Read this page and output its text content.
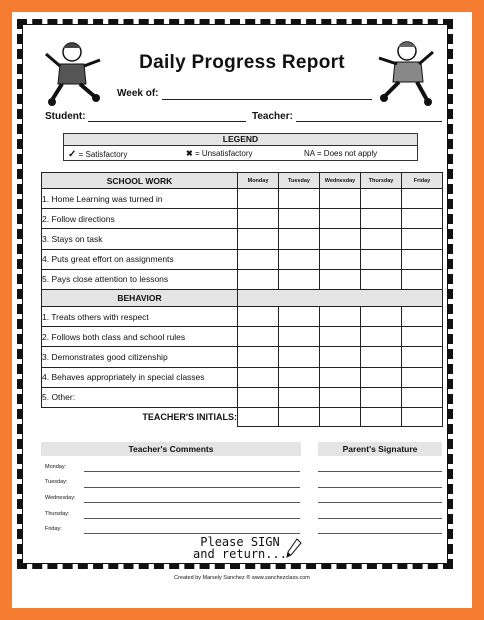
Daily Progress Report
Week of:
Student:	Teacher:
LEGEND
✓ = Satisfactory	✖ = Unsatisfactory	NA = Does not apply
SCHOOL WORK	Monday	Tuesday	Wednesday	Thursday	Friday
1. Home Learning was turned in					
2. Follow directions					
3. Stays on task					
4. Puts great effort on assignments					
5. Pays close attention to lessons					
BEHAVIOR					
1. Treats others with respect					
2. Follows both class and school rules					
3. Demonstrates good citizenship					
4. Behaves appropriately in special classes					
5. Other:					
TEACHER'S INITIALS:					
Teacher's Comments	Parent's Signature
Monday:
Tuesday:
Wednesday:
Thursday:
Friday:
Please SIGN
and return...
Created by Marsely Sanchez ® www.sanchezclass.com
